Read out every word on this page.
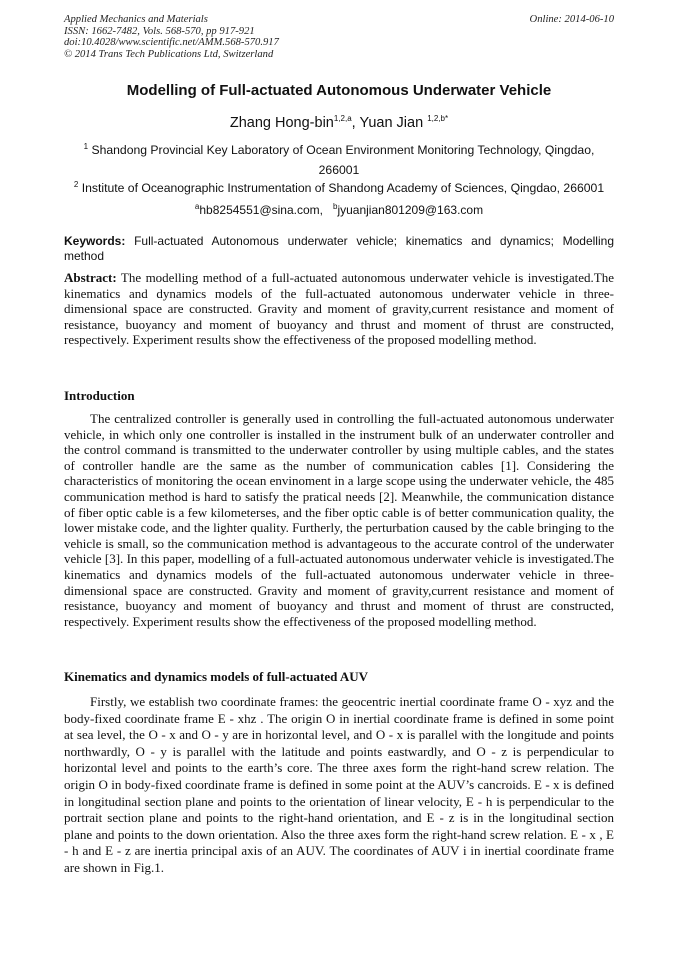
Applied Mechanics and Materials
ISSN: 1662-7482, Vols. 568-570, pp 917-921
doi:10.4028/www.scientific.net/AMM.568-570.917
© 2014 Trans Tech Publications Ltd, Switzerland
Online: 2014-06-10
Modelling of Full-actuated Autonomous Underwater Vehicle
Zhang Hong-bin$^{1,2,a}$, Yuan Jian $^{1,2,b*}$
$^1$ Shandong Provincial Key Laboratory of Ocean Environment Monitoring Technology, Qingdao, 266001
$^2$ Institute of Oceanographic Instrumentation of Shandong Academy of Sciences, Qingdao, 266001
$^a$hb8254551@sina.com, $^b$jyuanjian801209@163.com
Keywords: Full-actuated Autonomous underwater vehicle; kinematics and dynamics; Modelling method
Abstract: The modelling method of a full-actuated autonomous underwater vehicle is investigated.The kinematics and dynamics models of the full-actuated autonomous underwater vehicle in three- dimensional space are constructed. Gravity and moment of gravity,current resistance and moment of resistance, buoyancy and moment of buoyancy and thrust and moment of thrust are constructed, respectively. Experiment results show the effectiveness of the proposed modelling method.
Introduction
The centralized controller is generally used in controlling the full-actuated autonomous underwater vehicle, in which only one controller is installed in the instrument bulk of an underwater controller and the control command is transmitted to the underwater controller by using multiple cables, and the states of controller handle are the same as the number of communication cables [1]. Considering the characteristics of monitoring the ocean envinoment in a large scope using the underwater vehicle, the 485 communication method is hard to satisfy the pratical needs [2]. Meanwhile, the communication distance of fiber optic cable is a few kilometerses, and the fiber optic cable is of better communication quality, the lower mistake code, and the lighter quality. Furtherly, the perturbation caused by the cable bringing to the vehicle is small, so the communication method is advantageous to the accurate control of the underwater vehicle [3]. In this paper, modelling of a full-actuated autonomous underwater vehicle is investigated.The kinematics and dynamics models of the full-actuated autonomous underwater vehicle in three- dimensional space are constructed. Gravity and moment of gravity,current resistance and moment of resistance, buoyancy and moment of buoyancy and thrust and moment of thrust are constructed, respectively. Experiment results show the effectiveness of the proposed modelling method.
Kinematics and dynamics models of full-actuated AUV
Firstly, we establish two coordinate frames: the geocentric inertial coordinate frame O - xyz and the body-fixed coordinate frame E - xhz . The origin O in inertial coordinate frame is defined in some point at sea level, the O - x and O - y are in horizontal level, and O - x is parallel with the longitude and points northwardly, O - y is parallel with the latitude and points eastwardly, and O - z is perpendicular to horizontal level and points to the earth’s core. The three axes form the right-hand screw relation. The origin O in body-fixed coordinate frame is defined in some point at the AUV’s cancroids. E - x is defined in longitudinal section plane and points to the orientation of linear velocity, E - h is perpendicular to the portrait section plane and points to the right-hand orientation, and E - z is in the longitudinal section plane and points to the down orientation. Also the three axes form the right-hand screw relation. E - x , E - h and E - z are inertia principal axis of an AUV. The coordinates of AUV i in inertial coordinate frame are shown in Fig.1.
